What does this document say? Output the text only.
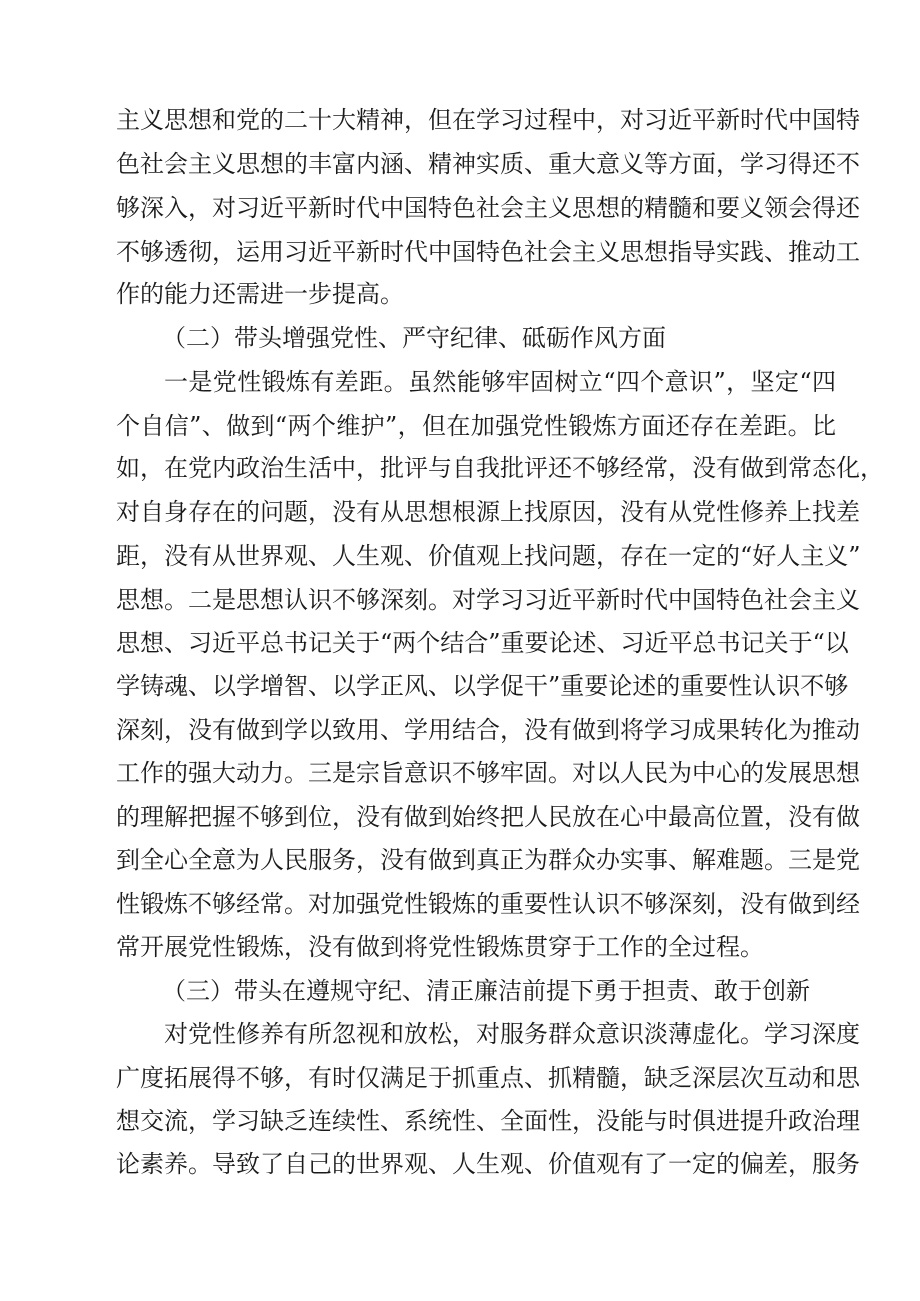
主义思想和党的二十大精神，但在学习过程中，对习近平新时代中国特
色社会主义思想的丰富内涵、精神实质、重大意义等方面，学习得还不
够深入，对习近平新时代中国特色社会主义思想的精髓和要义领会得还
不够透彻，运用习近平新时代中国特色社会主义思想指导实践、推动工
作的能力还需进一步提高。
（二）带头增强党性、严守纪律、砥砺作风方面
一是党性锻炼有差距。虽然能够牢固树立“四个意识”，坚定“四
个自信”、做到“两个维护”，但在加强党性锻炼方面还存在差距。比
如，在党内政治生活中，批评与自我批评还不够经常，没有做到常态化，
对自身存在的问题，没有从思想根源上找原因，没有从党性修养上找差
距，没有从世界观、人生观、价值观上找问题，存在一定的“好人主义”
思想。二是思想认识不够深刻。对学习习近平新时代中国特色社会主义
思想、习近平总书记关于“两个结合”重要论述、习近平总书记关于“以
学铸魂、以学增智、以学正风、以学促干”重要论述的重要性认识不够
深刻，没有做到学以致用、学用结合，没有做到将学习成果转化为推动
工作的强大动力。三是宗旨意识不够牢固。对以人民为中心的发展思想
的理解把握不够到位，没有做到始终把人民放在心中最高位置，没有做
到全心全意为人民服务，没有做到真正为群众办实事、解难题。三是党
性锻炼不够经常。对加强党性锻炼的重要性认识不够深刻，没有做到经
常开展党性锻炼，没有做到将党性锻炼贯穿于工作的全过程。
（三）带头在遵规守纪、清正廉洁前提下勇于担责、敢于创新
对党性修养有所忽视和放松，对服务群众意识淡薄虚化。学习深度
广度拓展得不够，有时仅满足于抓重点、抓精髓，缺乏深层次互动和思
想交流，学习缺乏连续性、系统性、全面性，没能与时俱进提升政治理
论素养。导致了自己的世界观、人生观、价值观有了一定的偏差，服务
